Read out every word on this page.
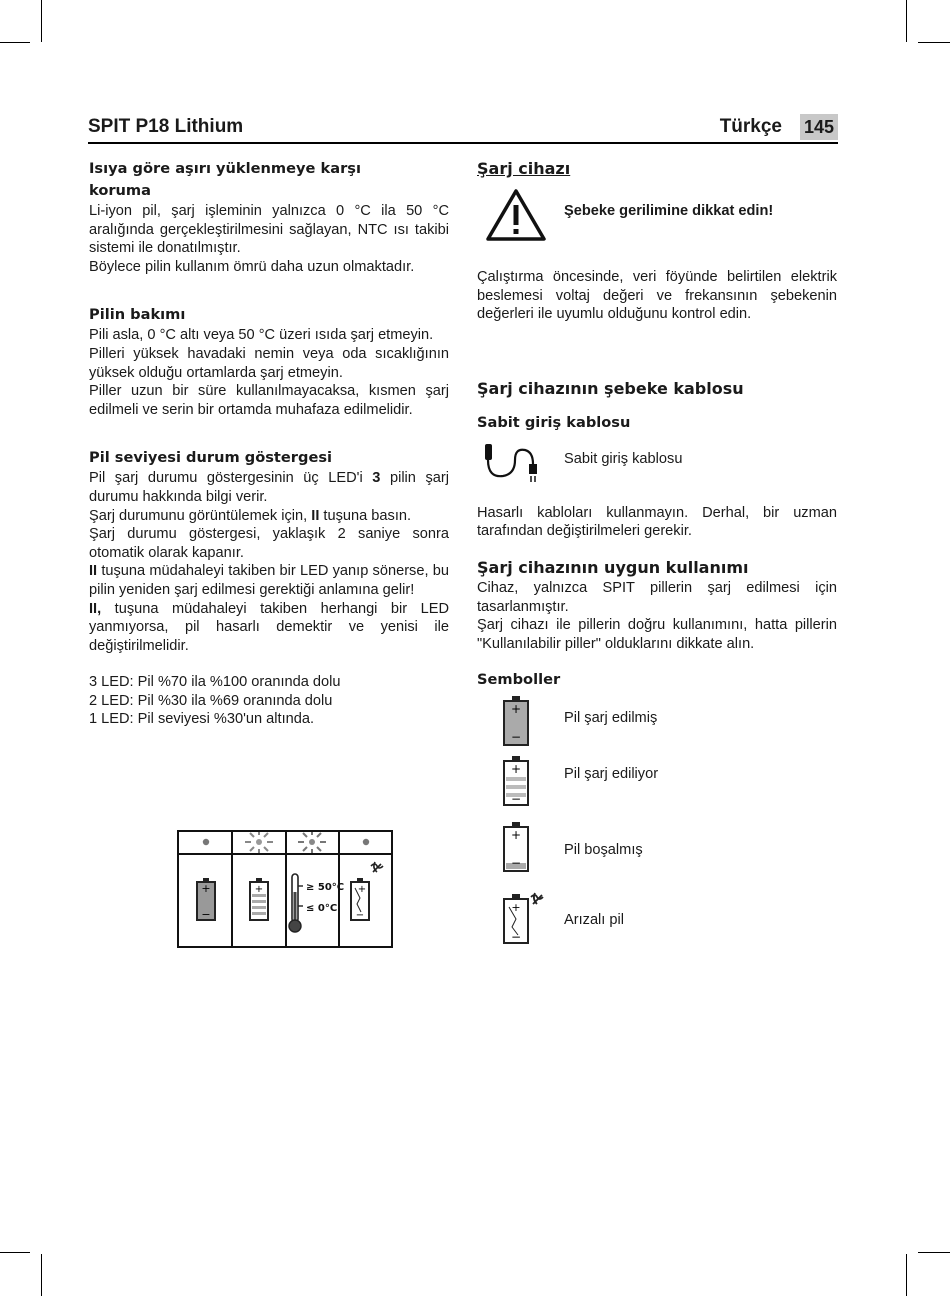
SPIT P18 Lithium	Türkçe 145
Isıya göre aşırı yüklenmeye karşı
koruma

Li-iyon pil, şarj işleminin yalnızca 0 °C ila 50 °C aralığında gerçekleştirilmesini sağlayan, NTC ısı takibi sistemi ile donatılmıştır.

Böylece pilin kullanım ömrü daha uzun olmaktadır.

Pilin bakımı

Pili asla, 0 °C altı veya 50 °C üzeri ısıda şarj etmeyin.

Pilleri yüksek havadaki nemin veya oda sıcaklığının yüksek olduğu ortamlarda şarj etmeyin.

Piller uzun bir süre kullanılmayacaksa, kısmen şarj edilmeli ve serin bir ortamda muhafaza edilmelidir.

Pil seviyesi durum göstergesi

Pil şarj durumu göstergesinin üç LED'i 3 pilin şarj durumu hakkında bilgi verir.

Şarj durumunu görüntülemek için, II tuşuna basın.

Şarj durumu göstergesi, yaklaşık 2 saniye sonra otomatik olarak kapanır.

II tuşuna müdahaleyi takiben bir LED yanıp sönerse, bu pilin yeniden şarj edilmesi gerektiği anlamına gelir!

II, tuşuna müdahaleyi takiben herhangi bir LED yanmıyorsa, pil hasarlı demektir ve yenisi ile değiştirilmelidir.

3 LED: Pil %70 ila %100 oranında dolu

2 LED: Pil %30 ila %69 oranında dolu

1 LED: Pil seviyesi %30'un altında.

+
−
+	≥ 50°C
≤ 0°C
+
−
Şarj cihazı
Şebeke gerilimine dikkat edin!

Çalıştırma öncesinde, veri föyünde belirtilen elektrik beslemesi voltaj değeri ve frekansının şebekenin değerleri ile uyumlu olduğunu kontrol edin.

Şarj cihazının şebeke kablosu
Sabit giriş kablosu
Sabit giriş kablosu

Hasarlı kabloları kullanmayın. Derhal, bir uzman tarafından değiştirilmeleri gerekir.

Şarj cihazının uygun kullanımı

Cihaz, yalnızca SPIT pillerin şarj edilmesi için tasarlanmıştır.

Şarj cihazı ile pillerin doğru kullanımını, hatta pillerin "Kullanılabilir piller" olduklarını dikkate alın.

Semboller
+
−
Pil şarj edilmiş
+
−
Pil şarj ediliyor
+
−
Pil boşalmış
+
−
Arızalı pil
